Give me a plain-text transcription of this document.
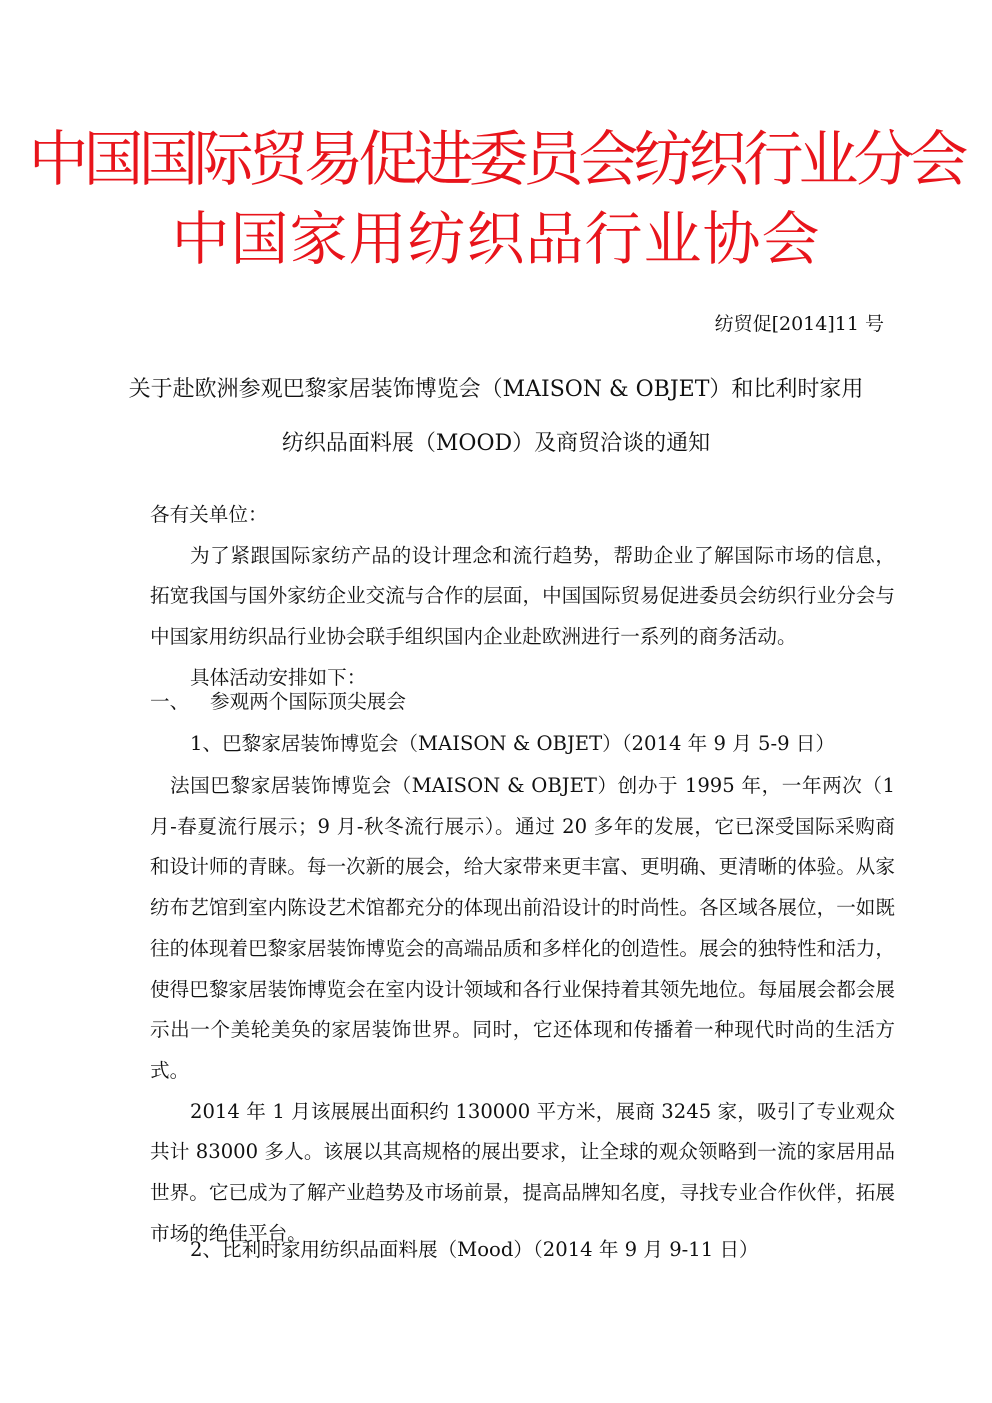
中国国际贸易促进委员会纺织行业分会
中国家用纺织品行业协会
纺贸促[2014]11 号
关于赴欧洲参观巴黎家居装饰博览会（MAISON & OBJET）和比利时家用
纺织品面料展（MOOD）及商贸洽谈的通知

各有关单位：

为了紧跟国际家纺产品的设计理念和流行趋势，帮助企业了解国际市场的信息，拓宽我国与国外家纺企业交流与合作的层面，中国国际贸易促进委员会纺织行业分会与中国家用纺织品行业协会联手组织国内企业赴欧洲进行一系列的商务活动。

具体活动安排如下：

一、 参观两个国际顶尖展会
1、巴黎家居装饰博览会（MAISON & OBJET）（2014 年 9 月 5-9 日）

法国巴黎家居装饰博览会（MAISON & OBJET）创办于 1995 年，一年两次（1 月-春夏流行展示；9 月-秋冬流行展示）。通过 20 多年的发展，它已深受国际采购商和设计师的青睐。每一次新的展会，给大家带来更丰富、更明确、更清晰的体验。从家纺布艺馆到室内陈设艺术馆都充分的体现出前沿设计的时尚性。各区域各展位，一如既往的体现着巴黎家居装饰博览会的高端品质和多样化的创造性。展会的独特性和活力，使得巴黎家居装饰博览会在室内设计领域和各行业保持着其领先地位。每届展会都会展示出一个美轮美奂的家居装饰世界。同时，它还体现和传播着一种现代时尚的生活方式。

2014 年 1 月该展展出面积约 130000 平方米，展商 3245 家，吸引了专业观众共计 83000 多人。该展以其高规格的展出要求，让全球的观众领略到一流的家居用品世界。它已成为了解产业趋势及市场前景，提高品牌知名度，寻找专业合作伙伴，拓展市场的绝佳平台。

2、比利时家用纺织品面料展（Mood）（2014 年 9 月 9-11 日）
